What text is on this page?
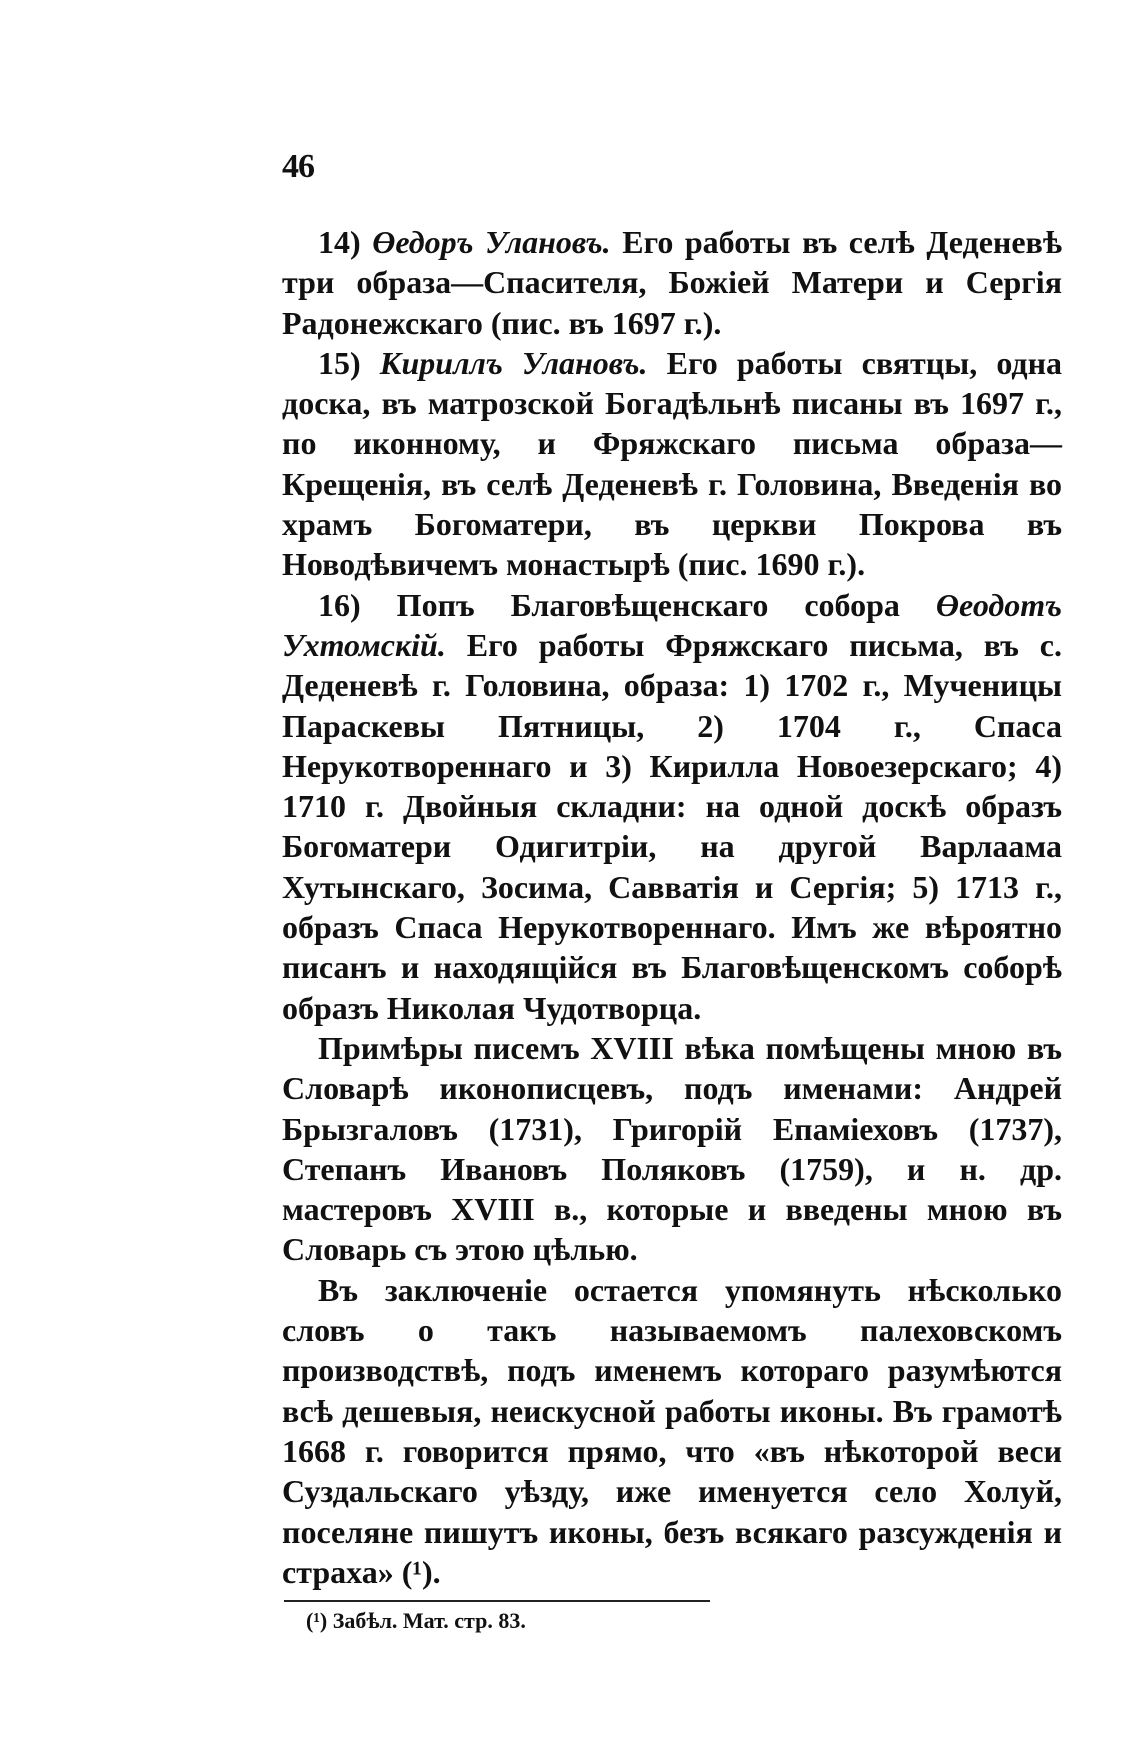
46

14) Өедоръ Улановъ. Его работы въ селѣ Деденевѣ три образа—Спасителя, Божіей Матери и Сергія Радонежскаго (пис. въ 1697 г.).

15) Кириллъ Улановъ. Его работы святцы, одна доска, въ матрозской Богадѣльнѣ писаны въ 1697 г., по иконному, и Фряжскаго письма образа—Крещенія, въ селѣ Деденевѣ г. Головина, Введенія во храмъ Богоматери, въ церкви Покрова въ Новодѣвичемъ монастырѣ (пис. 1690 г.).

16) Попъ Благовѣщенскаго собора Өеодотъ Ухтомскій. Его работы Фряжскаго письма, въ с. Деденевѣ г. Головина, образа: 1) 1702 г., Мученицы Параскевы Пятницы, 2) 1704 г., Спаса Нерукотвореннаго и 3) Кирилла Новоезерскаго; 4) 1710 г. Двойныя складни: на одной доскѣ образъ Богоматери Одигитріи, на другой Варлаама Хутынскаго, Зосима, Савватія и Сергія; 5) 1713 г., образъ Спаса Нерукотвореннаго. Имъ же вѣроятно писанъ и находящійся въ Благовѣщенскомъ соборѣ образъ Николая Чудотворца.

Примѣры писемъ XVIII вѣка помѣщены мною въ Словарѣ иконописцевъ, подъ именами: Андрей Брызгаловъ (1731), Григорій Епаміеховъ (1737), Степанъ Ивановъ Поляковъ (1759), и н. др. мастеровъ XVIII в., которые и введены мною въ Словарь съ этою цѣлью.

Въ заключеніе остается упомянуть нѣсколько словъ о такъ называемомъ палеховскомъ производствѣ, подъ именемъ котораго разумѣются всѣ дешевыя, неискусной работы иконы. Въ грамотѣ 1668 г. говорится прямо, что «въ нѣкоторой веси Суздальскаго уѣзду, иже именуется село Холуй, поселяне пишутъ иконы, безъ всякаго разсужденія и страха» (¹).

(¹) Забѣл. Мат. стр. 83.
